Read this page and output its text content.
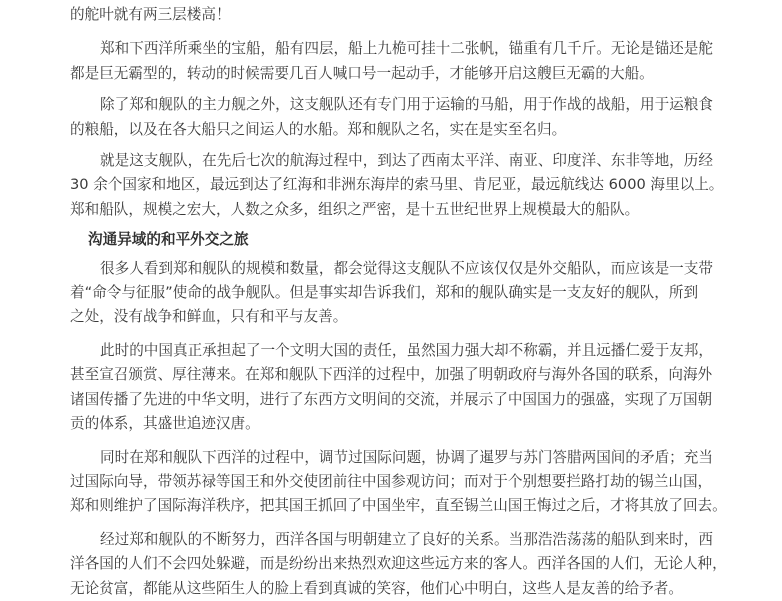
的舵叶就有两三层楼高！
郑和下西洋所乘坐的宝船，船有四层，船上九桅可挂十二张帆，锚重有几千斤。无论是锚还是舵
都是巨无霸型的，转动的时候需要几百人喊口号一起动手，才能够开启这艘巨无霸的大船。
除了郑和舰队的主力舰之外，这支舰队还有专门用于运输的马船，用于作战的战船，用于运粮食
的粮船，以及在各大船只之间运人的水船。郑和舰队之名，实在是实至名归。
就是这支舰队，在先后七次的航海过程中，到达了西南太平洋、南亚、印度洋、东非等地，历经
30 余个国家和地区，最远到达了红海和非洲东海岸的索马里、肯尼亚，最远航线达 6000 海里以上。
郑和船队，规模之宏大，人数之众多，组织之严密，是十五世纪世界上规模最大的船队。
沟通异域的和平外交之旅
很多人看到郑和舰队的规模和数量，都会觉得这支舰队不应该仅仅是外交船队，而应该是一支带
着“命令与征服”使命的战争舰队。但是事实却告诉我们，郑和的舰队确实是一支友好的舰队，所到
之处，没有战争和鲜血，只有和平与友善。
此时的中国真正承担起了一个文明大国的责任，虽然国力强大却不称霸，并且远播仁爱于友邦，
甚至宣召颁赏、厚往薄来。在郑和舰队下西洋的过程中，加强了明朝政府与海外各国的联系，向海外
诸国传播了先进的中华文明，进行了东西方文明间的交流，并展示了中国国力的强盛，实现了万国朝
贡的体系，其盛世追迹汉唐。
同时在郑和舰队下西洋的过程中，调节过国际问题，协调了暹罗与苏门答腊两国间的矛盾；充当
过国际向导，带领苏禄等国王和外交使团前往中国参观访问；而对于个别想要拦路打劫的锡兰山国，
郑和则维护了国际海洋秩序，把其国王抓回了中国坐牢，直至锡兰山国王悔过之后，才将其放了回去。
经过郑和舰队的不断努力，西洋各国与明朝建立了良好的关系。当那浩浩荡荡的船队到来时，西
洋各国的人们不会四处躲避，而是纷纷出来热烈欢迎这些远方来的客人。西洋各国的人们，无论人种，
无论贫富，都能从这些陌生人的脸上看到真诚的笑容，他们心中明白，这些人是友善的给予者。
